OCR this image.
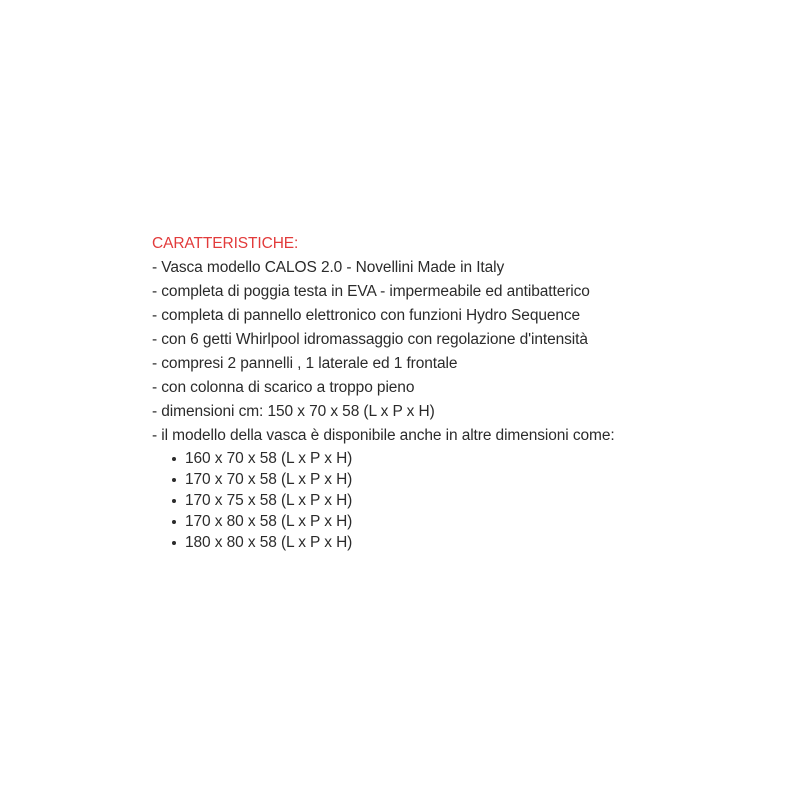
CARATTERISTICHE:

- Vasca modello CALOS 2.0 - Novellini Made in Italy

- completa di poggia testa in EVA - impermeabile ed antibatterico

- completa di pannello elettronico con funzioni Hydro Sequence

- con 6 getti Whirlpool idromassaggio con regolazione d'intensità

- compresi 2 pannelli , 1 laterale ed 1 frontale

- con colonna di scarico a troppo pieno

- dimensioni cm: 150 x 70 x 58 (L x P x H)

- il modello della vasca è disponibile anche in altre dimensioni come:

160 x 70 x 58 (L x P x H)
170 x 70 x 58 (L x P x H)
170 x 75 x 58 (L x P x H)
170 x 80 x 58 (L x P x H)
180 x 80 x 58 (L x P x H)
